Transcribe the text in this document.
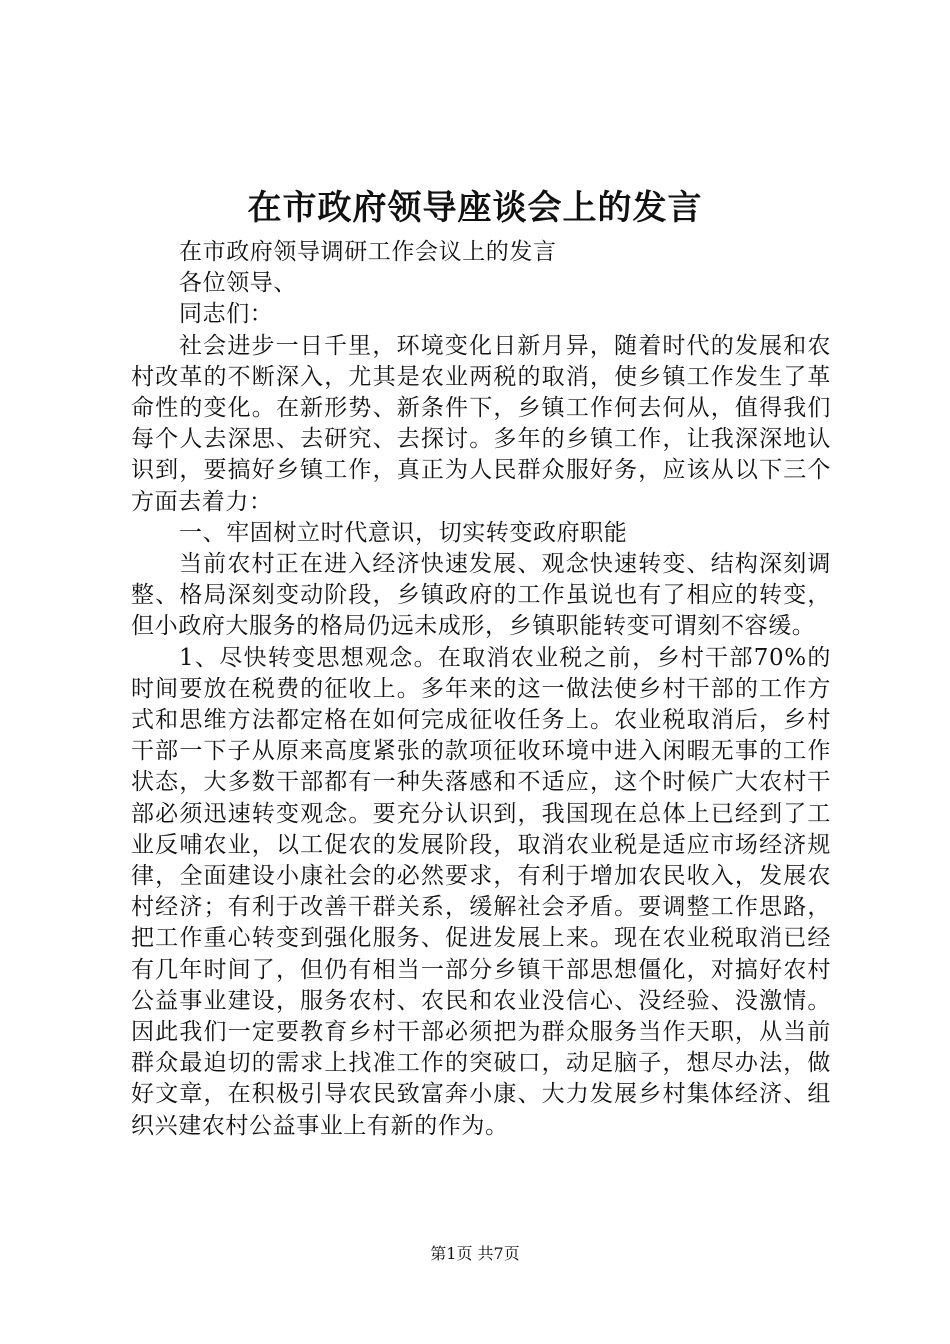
在市政府领导座谈会上的发言

在市政府领导调研工作会议上的发言

各位领导、

同志们：

社会进步一日千里，环境变化日新月异，随着时代的发展和农村改革的不断深入，尤其是农业两税的取消，使乡镇工作发生了革命性的变化。在新形势、新条件下，乡镇工作何去何从，值得我们每个人去深思、去研究、去探讨。多年的乡镇工作，让我深深地认识到，要搞好乡镇工作，真正为人民群众服好务，应该从以下三个方面去着力：

一、牢固树立时代意识，切实转变政府职能

当前农村正在进入经济快速发展、观念快速转变、结构深刻调整、格局深刻变动阶段，乡镇政府的工作虽说也有了相应的转变，但小政府大服务的格局仍远未成形，乡镇职能转变可谓刻不容缓。

1、尽快转变思想观念。在取消农业税之前，乡村干部70%的时间要放在税费的征收上。多年来的这一做法使乡村干部的工作方式和思维方法都定格在如何完成征收任务上。农业税取消后，乡村干部一下子从原来高度紧张的款项征收环境中进入闲暇无事的工作状态，大多数干部都有一种失落感和不适应，这个时候广大农村干部必须迅速转变观念。要充分认识到，我国现在总体上已经到了工业反哺农业，以工促农的发展阶段，取消农业税是适应市场经济规律，全面建设小康社会的必然要求，有利于增加农民收入，发展农村经济；有利于改善干群关系，缓解社会矛盾。要调整工作思路，把工作重心转变到强化服务、促进发展上来。现在农业税取消已经有几年时间了，但仍有相当一部分乡镇干部思想僵化，对搞好农村公益事业建设，服务农村、农民和农业没信心、没经验、没激情。因此我们一定要教育乡村干部必须把为群众服务当作天职，从当前群众最迫切的需求上找准工作的突破口，动足脑子，想尽办法，做好文章，在积极引导农民致富奔小康、大力发展乡村集体经济、组织兴建农村公益事业上有新的作为。

第1页 共7页
